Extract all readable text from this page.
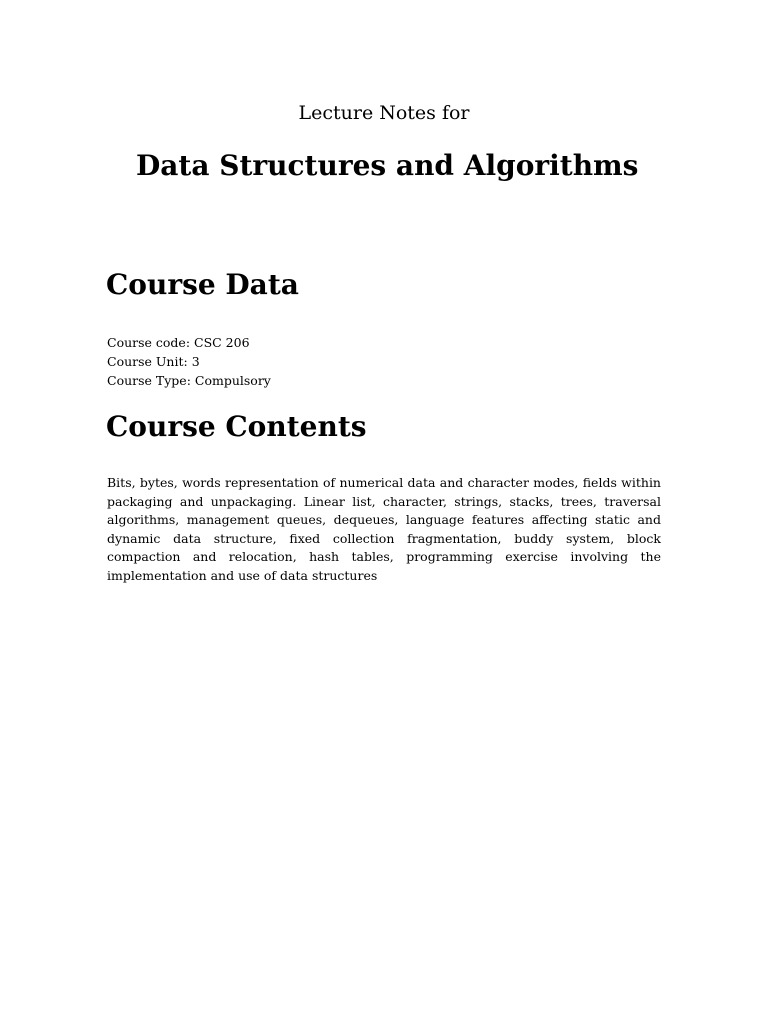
Lecture Notes for
Data Structures and Algorithms
Course Data
Course code: CSC 206
Course Unit: 3
Course Type: Compulsory
Course Contents

Bits, bytes, words representation of numerical data and character modes, fields within packaging and unpackaging. Linear list, character, strings, stacks, trees, traversal algorithms, management queues, dequeues, language features affecting static and dynamic data structure, fixed collection fragmentation, buddy system, block compaction and relocation, hash tables, programming exercise involving the implementation and use of data structures
